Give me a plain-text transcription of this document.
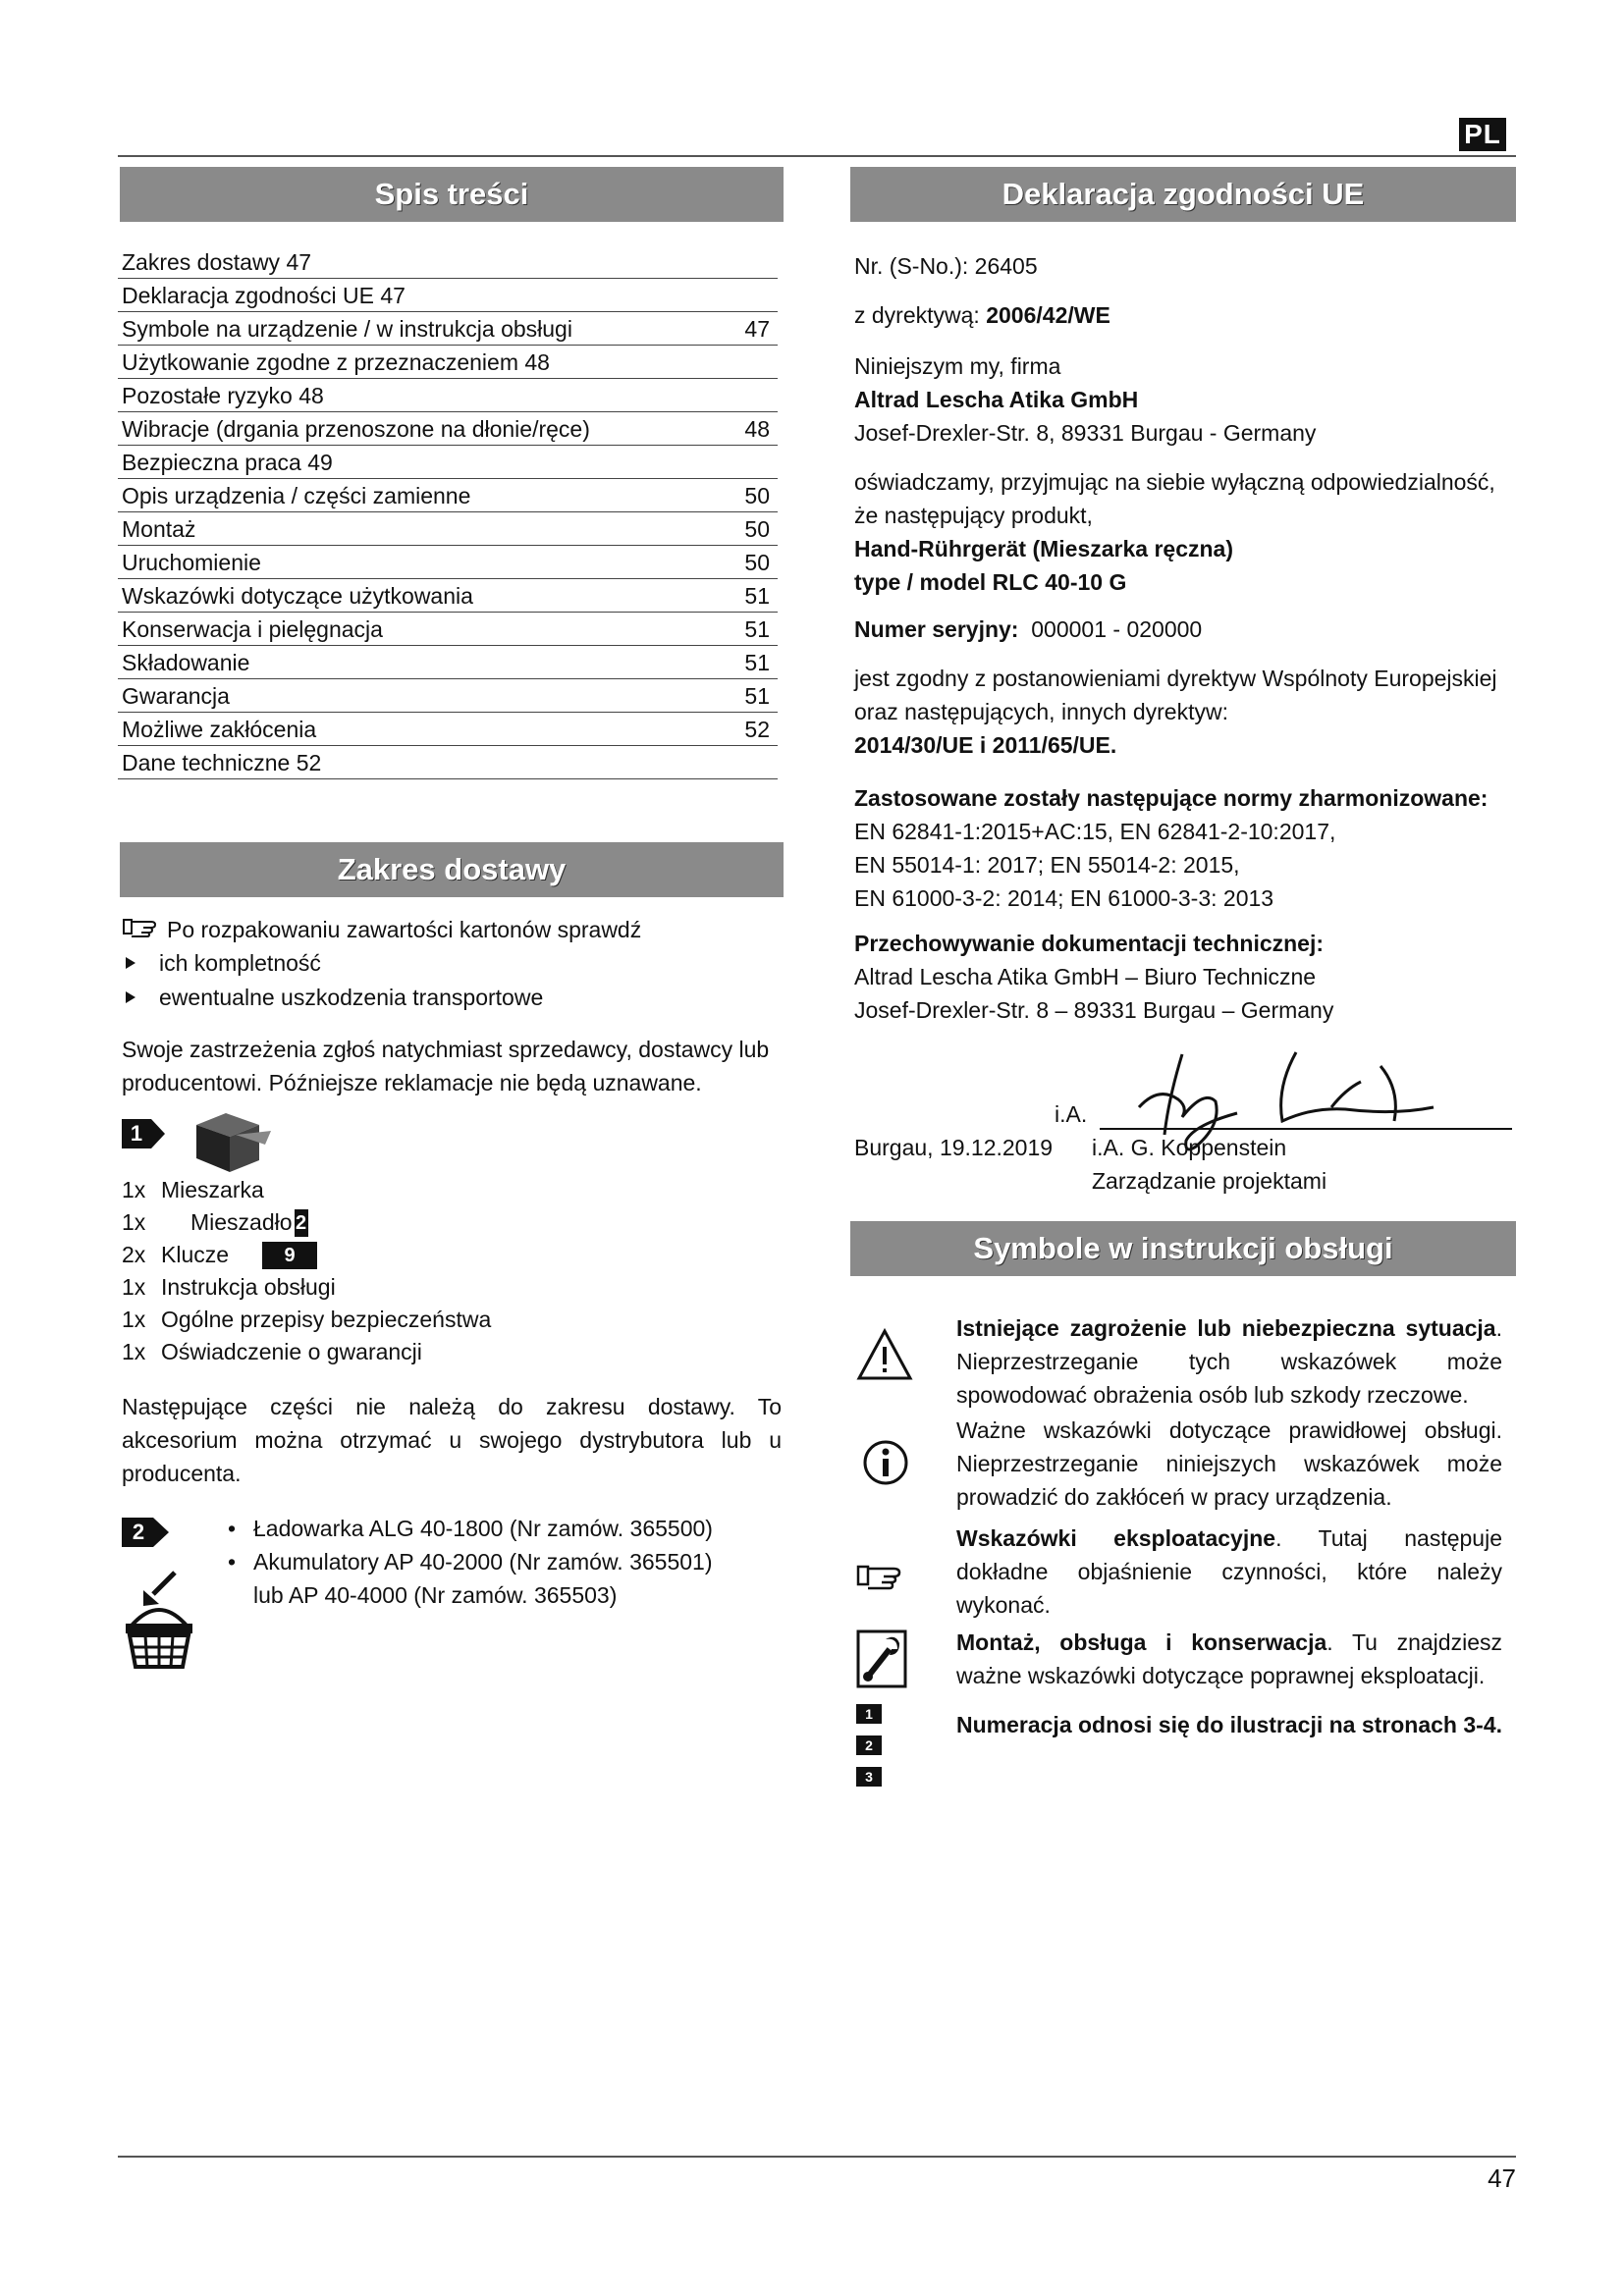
PL
47
Spis treści
Zakres dostawy 47
Deklaracja zgodności UE 47
Symbole na urządzenie / w instrukcja obsługi	47
Użytkowanie zgodne z przeznaczeniem 48
Pozostałe ryzyko 48
Wibracje (drgania przenoszone na dłonie/ręce)	48
Bezpieczna praca 49
Opis urządzenia / części zamienne	50
Montaż	50
Uruchomienie	50
Wskazówki dotyczące użytkowania	51
Konserwacja i pielęgnacja	51
Składowanie	51
Gwarancja	51
Możliwe zakłócenia	52
Dane techniczne 52
Zakres dostawy
Po rozpakowaniu zawartości kartonów sprawdź
ich kompletność
ewentualne uszkodzenia transportowe
Swoje zastrzeżenia zgłoś natychmiast sprzedawcy, dostawcy lub producentowi. Późniejsze reklamacje nie będą uznawane.
1
1x Mieszarka
1x	Mieszadło 2
2x Klucze	9
1x Instrukcja obsługi
1x Ogólne przepisy bezpieczeństwa
1x Oświadczenie o gwarancji
Następujące części nie należą do zakresu dostawy. To akcesorium można otrzymać u swojego dystrybutora lub u producenta.
2	• Ładowarka ALG 40-1800 (Nr zamów. 365500)
• Akumulatory AP 40-2000 (Nr zamów. 365501)
lub AP 40-4000 (Nr zamów. 365503)
Deklaracja zgodności UE
Nr. (S-No.): 26405
z dyrektywą: 2006/42/WE
Niniejszym my, firma
Altrad Lescha Atika GmbH
Josef-Drexler-Str. 8, 89331 Burgau - Germany
oświadczamy, przyjmując na siebie wyłączną odpowiedzialność, że następujący produkt,
Hand-Rührgerät (Mieszarka ręczna)
type / model RLC 40-10 G
Numer seryjny: 000001 - 020000
jest zgodny z postanowieniami dyrektyw Wspólnoty Europejskiej oraz następujących, innych dyrektyw:
2014/30/UE i 2011/65/UE.
Zastosowane zostały następujące normy zharmonizowane:
EN 62841-1:2015+AC:15, EN 62841-2-10:2017,
EN 55014-1: 2017; EN 55014-2: 2015,
EN 61000-3-2: 2014; EN 61000-3-3: 2013
Przechowywanie dokumentacji technicznej:
Altrad Lescha Atika GmbH – Biuro Techniczne
Josef-Drexler-Str. 8 – 89331 Burgau – Germany
i.A.
Burgau, 19.12.2019 i.A. G. Koppenstein
Zarządzanie projektami
Symbole w instrukcji obsługi
Istniejące zagrożenie lub niebezpieczna sytuacja. Nieprzestrzeganie tych wskazówek może spowodować obrażenia osób lub szkody rzeczowe.
Ważne wskazówki dotyczące prawidłowej obsługi. Nieprzestrzeganie niniejszych wskazówek może prowadzić do zakłóceń w pracy urządzenia.
Wskazówki eksploatacyjne. Tutaj następuje dokładne objaśnienie czynności, które należy wykonać.
Montaż, obsługa i konserwacja. Tu znajdziesz ważne wskazówki dotyczące poprawnej eksploatacji.
1
2
3
Numeracja odnosi się do ilustracji na stronach 3-4.
